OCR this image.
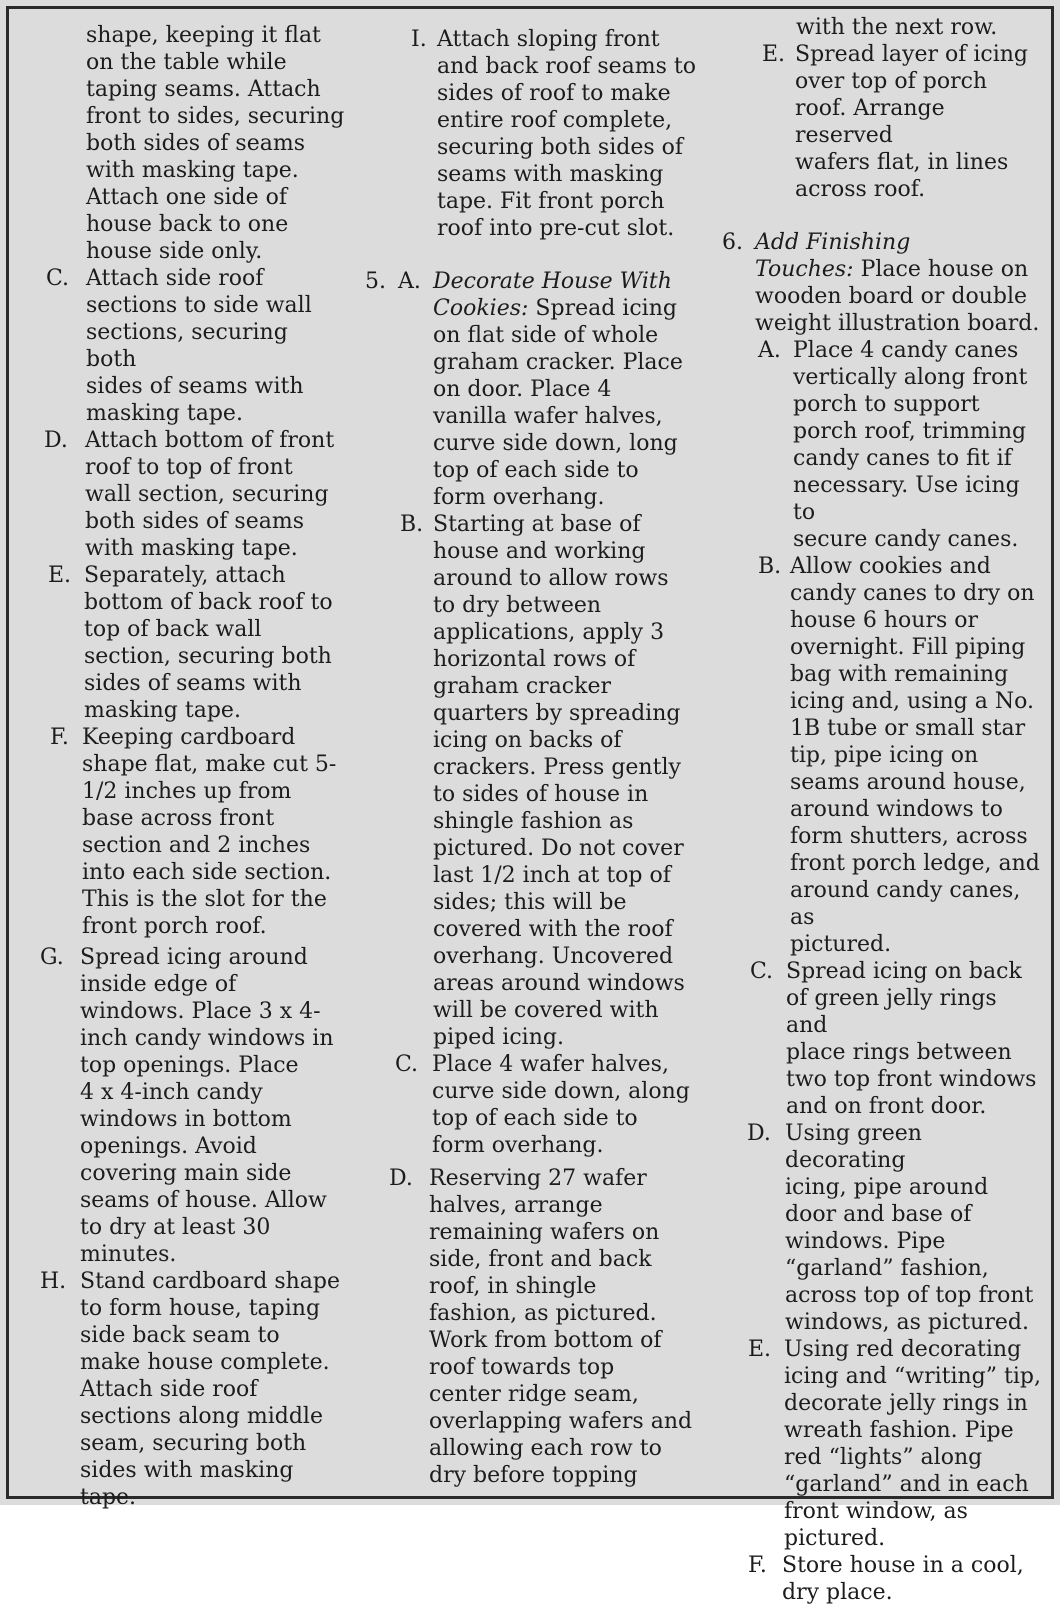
shape, keeping it flat
on the table while
taping seams. Attach
front to sides, securing
both sides of seams
with masking tape.
Attach one side of
house back to one
house side only.
C. Attach side roof
sections to side wall
sections, securing both
sides of seams with
masking tape.
D. Attach bottom of front
roof to top of front
wall section, securing
both sides of seams
with masking tape.
E. Separately, attach
bottom of back roof to
top of back wall
section, securing both
sides of seams with
masking tape.
F. Keeping cardboard
shape flat, make cut 5-
1/2 inches up from
base across front
section and 2 inches
into each side section.
This is the slot for the
front porch roof.
G. Spread icing around
inside edge of
windows. Place 3 x 4-
inch candy windows in
top openings. Place
4 x 4-inch candy
windows in bottom
openings. Avoid
covering main side
seams of house. Allow
to dry at least 30
minutes.
H. Stand cardboard shape
to form house, taping
side back seam to
make house complete.
Attach side roof
sections along middle
seam, securing both
sides with masking
tape.
I. Attach sloping front
and back roof seams to
sides of roof to make
entire roof complete,
securing both sides of
seams with masking
tape. Fit front porch
roof into pre-cut slot.
5. A. Decorate House With
Cookies: Spread icing
on flat side of whole
graham cracker. Place
on door. Place 4
vanilla wafer halves,
curve side down, long
top of each side to
form overhang.
B. Starting at base of
house and working
around to allow rows
to dry between
applications, apply 3
horizontal rows of
graham cracker
quarters by spreading
icing on backs of
crackers. Press gently
to sides of house in
shingle fashion as
pictured. Do not cover
last 1/2 inch at top of
sides; this will be
covered with the roof
overhang. Uncovered
areas around windows
will be covered with
piped icing.
C. Place 4 wafer halves,
curve side down, along
top of each side to
form overhang.
D. Reserving 27 wafer
halves, arrange
remaining wafers on
side, front and back
roof, in shingle
fashion, as pictured.
Work from bottom of
roof towards top
center ridge seam,
overlapping wafers and
allowing each row to
dry before topping
with the next row.
E. Spread layer of icing
over top of porch
roof. Arrange reserved
wafers flat, in lines
across roof.
6. Add Finishing
Touches: Place house on
wooden board or double
weight illustration board.
A. Place 4 candy canes
vertically along front
porch to support
porch roof, trimming
candy canes to fit if
necessary. Use icing to
secure candy canes.
B. Allow cookies and
candy canes to dry on
house 6 hours or
overnight. Fill piping
bag with remaining
icing and, using a No.
1B tube or small star
tip, pipe icing on
seams around house,
around windows to
form shutters, across
front porch ledge, and
around candy canes, as
pictured.
C. Spread icing on back
of green jelly rings and
place rings between
two top front windows
and on front door.
D. Using green decorating
icing, pipe around
door and base of
windows. Pipe
“garland” fashion,
across top of top front
windows, as pictured.
E. Using red decorating
icing and “writing” tip,
decorate jelly rings in
wreath fashion. Pipe
red “lights” along
“garland” and in each
front window, as
pictured.
F. Store house in a cool,
dry place.
